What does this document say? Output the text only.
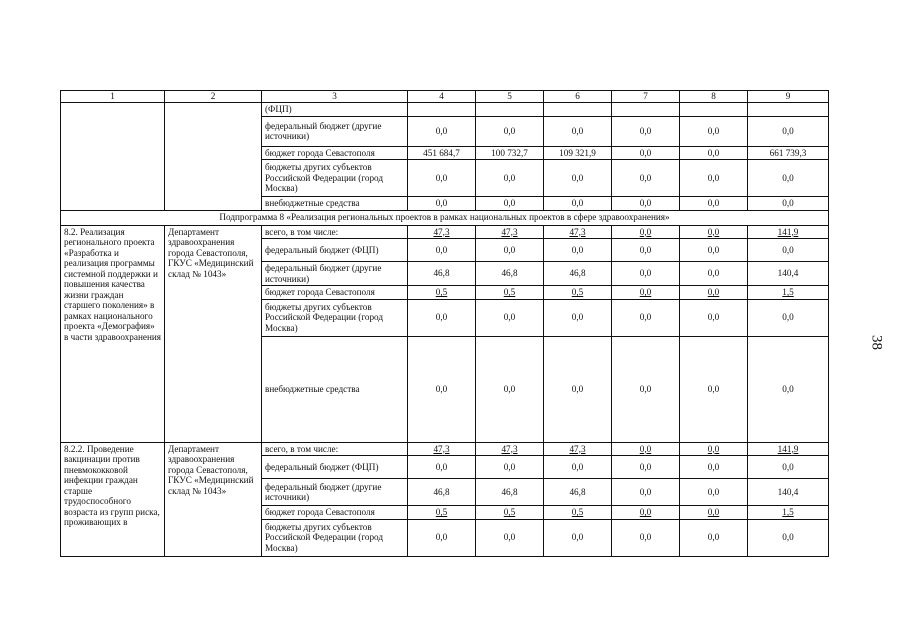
1	2	3	4	5	6	7	8	9
		(ФЦП)						
		федеральный бюджет (другие источники)	0,0	0,0	0,0	0,0	0,0	0,0
		бюджет города Севастополя	451 684,7	100 732,7	109 321,9	0,0	0,0	661 739,3
		бюджеты других субъектов Российской Федерации (город Москва)	0,0	0,0	0,0	0,0	0,0	0,0
		внебюджетные средства	0,0	0,0	0,0	0,0	0,0	0,0
Подпрограмма 8 «Реализация региональных проектов в рамках национальных проектов в сфере здравоохранения»								
8.2. Реализация регионального проекта «Разработка и реализация программы системной поддержки и повышения качества жизни граждан старшего поколения» в рамках национального проекта «Демография» в части здравоохранения	Департамент здравоохранения города Севастополя, ГКУС «Медицинский склад № 1043»	всего, в том числе:	47,3	47,3	47,3	0,0	0,0	141,9
		федеральный бюджет (ФЦП)	0,0	0,0	0,0	0,0	0,0	0,0
		федеральный бюджет (другие источники)	46,8	46,8	46,8	0,0	0,0	140,4
		бюджет города Севастополя	0,5	0,5	0,5	0,0	0,0	1,5
		бюджеты других субъектов Российской Федерации (город Москва)	0,0	0,0	0,0	0,0	0,0	0,0
		внебюджетные средства	0,0	0,0	0,0	0,0	0,0	0,0
8.2.2. Проведение вакцинации против пневмококковой инфекции граждан старше трудоспособного возраста из групп риска, проживающих в	Департамент здравоохранения города Севастополя, ГКУС «Медицинский склад № 1043»	всего, в том числе:	47,3	47,3	47,3	0,0	0,0	141,9
		федеральный бюджет (ФЦП)	0,0	0,0	0,0	0,0	0,0	0,0
		федеральный бюджет (другие источники)	46,8	46,8	46,8	0,0	0,0	140,4
		бюджет города Севастополя	0,5	0,5	0,5	0,0	0,0	1,5
		бюджеты других субъектов Российской Федерации (город Москва)	0,0	0,0	0,0	0,0	0,0	0,0
38
